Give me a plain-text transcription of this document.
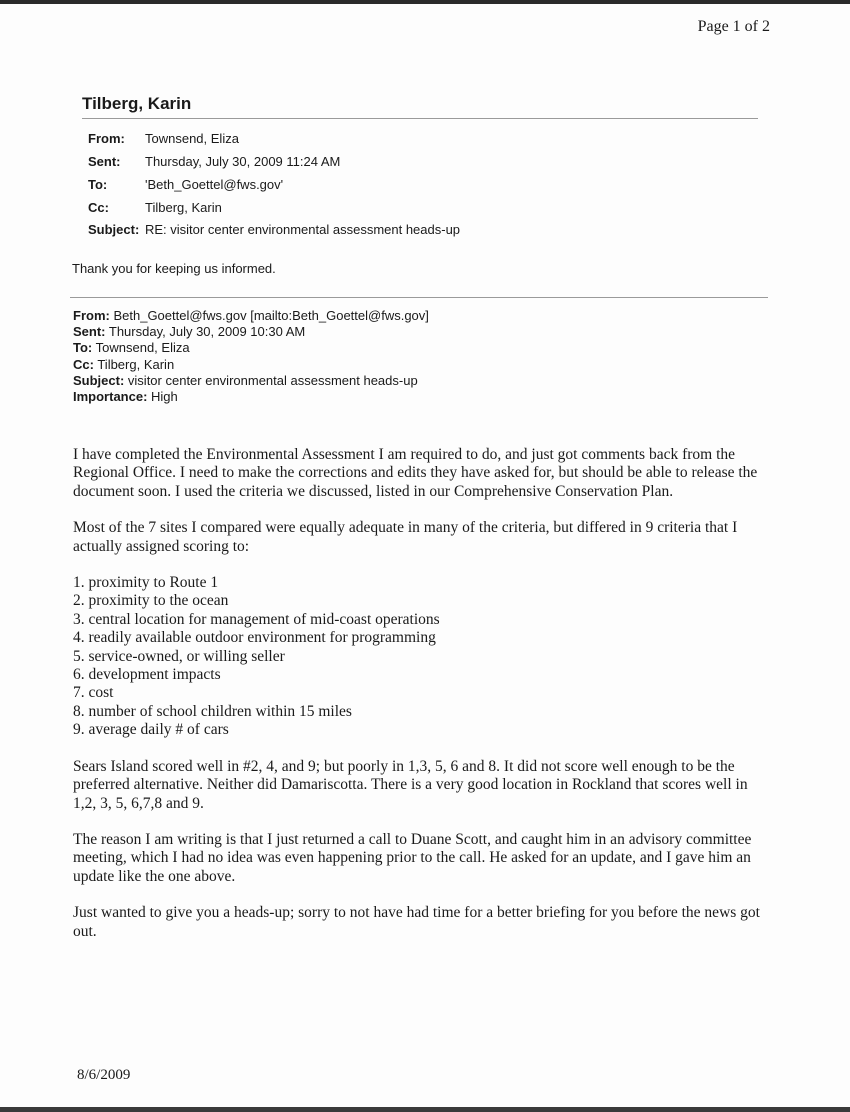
Page 1 of 2
Tilberg, Karin
From: Townsend, Eliza
Sent: Thursday, July 30, 2009 11:24 AM
To:	'Beth_Goettel@fws.gov'
Cc:	Tilberg, Karin
Subject: RE: visitor center environmental assessment heads-up
Thank you for keeping us informed.
From: Beth_Goettel@fws.gov [mailto:Beth_Goettel@fws.gov]
Sent: Thursday, July 30, 2009 10:30 AM
To: Townsend, Eliza
Cc: Tilberg, Karin
Subject: visitor center environmental assessment heads-up
Importance: High

I have completed the Environmental Assessment I am required to do, and just got comments back from the Regional Office. I need to make the corrections and edits they have asked for, but should be able to release the document soon. I used the criteria we discussed, listed in our Comprehensive Conservation Plan.

Most of the 7 sites I compared were equally adequate in many of the criteria, but differed in 9 criteria that I actually assigned scoring to:

1. proximity to Route 1
2. proximity to the ocean
3. central location for management of mid-coast operations
4. readily available outdoor environment for programming
5. service-owned, or willing seller
6. development impacts
7. cost
8. number of school children within 15 miles
9. average daily # of cars

Sears Island scored well in #2, 4, and 9; but poorly in 1,3, 5, 6 and 8. It did not score well enough to be the preferred alternative. Neither did Damariscotta. There is a very good location in Rockland that scores well in 1,2, 3, 5, 6,7,8 and 9.

The reason I am writing is that I just returned a call to Duane Scott, and caught him in an advisory committee meeting, which I had no idea was even happening prior to the call. He asked for an update, and I gave him an update like the one above.

Just wanted to give you a heads-up; sorry to not have had time for a better briefing for you before the news got out.

8/6/2009
